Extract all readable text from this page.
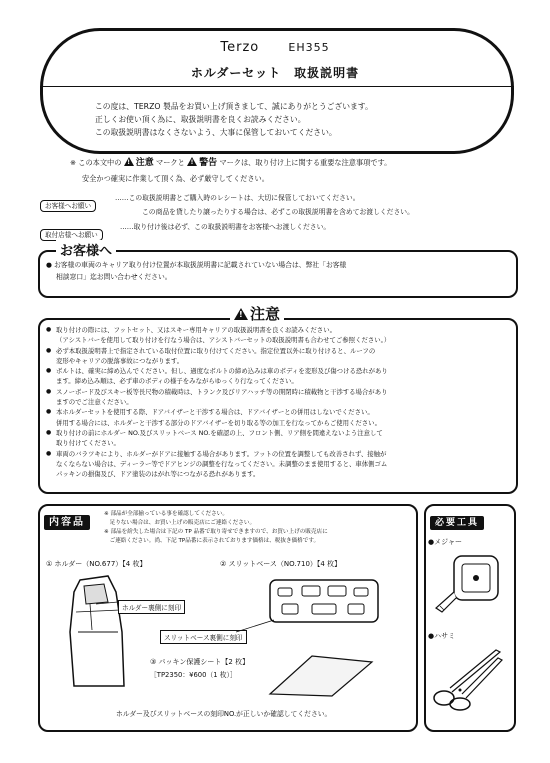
Terzo	EH355
ホルダーセット　取扱説明書
この度は、TERZO 製品をお買い上げ頂きまして、誠にありがとうございます。
正しくお使い頂く為に、取扱説明書を良くお読みください。
この取扱説明書はなくさないよう、大事に保管しておいてください。
※ この本文中の ! 注意 マークと ! 警告 マークは、取り付け上に関する重要な注意事項です。
安全かつ確実に作業して頂く為、必ず厳守してください。
お客様へお願い
……この取扱説明書とご購入時のレシートは、大切に保管しておいてください。
この商品を貸したり譲ったりする場合は、必ずこの取扱説明書を含めてお渡しください。
取付店様へお願い
……取り付け後は必ず、この取扱説明書をお客様へお渡しください。
お客様へ
● お客様の車両のキャリア取り付け位置が本取扱説明書に記載されていない場合は、弊社「お客様
相談窓口」迄お問い合わせください。
!注意
● 取り付けの際には、フットセット、又はスキー専用キャリアの取扱説明書を良くお読みください。
（アシストバーを使用して取り付けを行なう場合は、アシストバーセットの取扱説明書も合わせてご参照ください。）
● 必ず本取扱説明書上で指定されている取付位置に取り付けてください。指定位置以外に取り付けると、ルーフの
変形やキャリアの脱落事故につながります。
● ボルトは、確実に締め込んでください。但し、過度なボルトの締め込みは車のボディを変形及び傷つける恐れがあり
ます。締め込み順は、必ず車のボディの様子をみながらゆっくり行なってください。
● スノーボード及びスキー板等長尺物の積載時は、トランク及びリアハッチ等の開閉時に積載物と干渉する場合があり
ますのでご注意ください。
● 本ホルダーセットを使用する際、ドアバイザーと干渉する場合は、ドアバイザーとの併用はしないでください。
併用する場合には、ホルダーと干渉する部分のドアバイザーを切り取る等の加工を行なってからご使用ください。
● 取り付けの前にホルダー NO.及びスリットベース NO.を確認の上、フロント側、リア側を間違えないよう注意して
取り付けてください。
● 車両のバラツキにより、ホルダーがドアに接触する場合があります。フットの位置を調整しても改善されず、接触が
なくならない場合は、ディーラー等でドアヒンジの調整を行なってください。未調整のまま使用すると、車体側ゴム
パッキンの損傷及び、ドア塗装のはがれ等につながる恐れがあります。
内容品
※ 部品が全部揃っている事を確認してください。
　足りない場合は、お買い上げの販売店にご連絡ください。
※ 部品を紛失した場合は下記の TP 品番で取り寄せできますので、お買い上げの販売店に
　ご連絡ください。尚、下記 TP品番に表示されております価格は、税抜き価格です。
① ホルダー（NO.677）【4 枚】
ホルダー裏側に刻印
② スリットベース（NO.710）【4 枚】
スリットベース裏側に刻印
③ パッキン保護シート【2 枚】
［TP2350：¥600（1 枚）］
ホルダー及びスリットベースの刻印NO.が正しいか確認してください。
必要工具
●メジャー
●ハサミ
